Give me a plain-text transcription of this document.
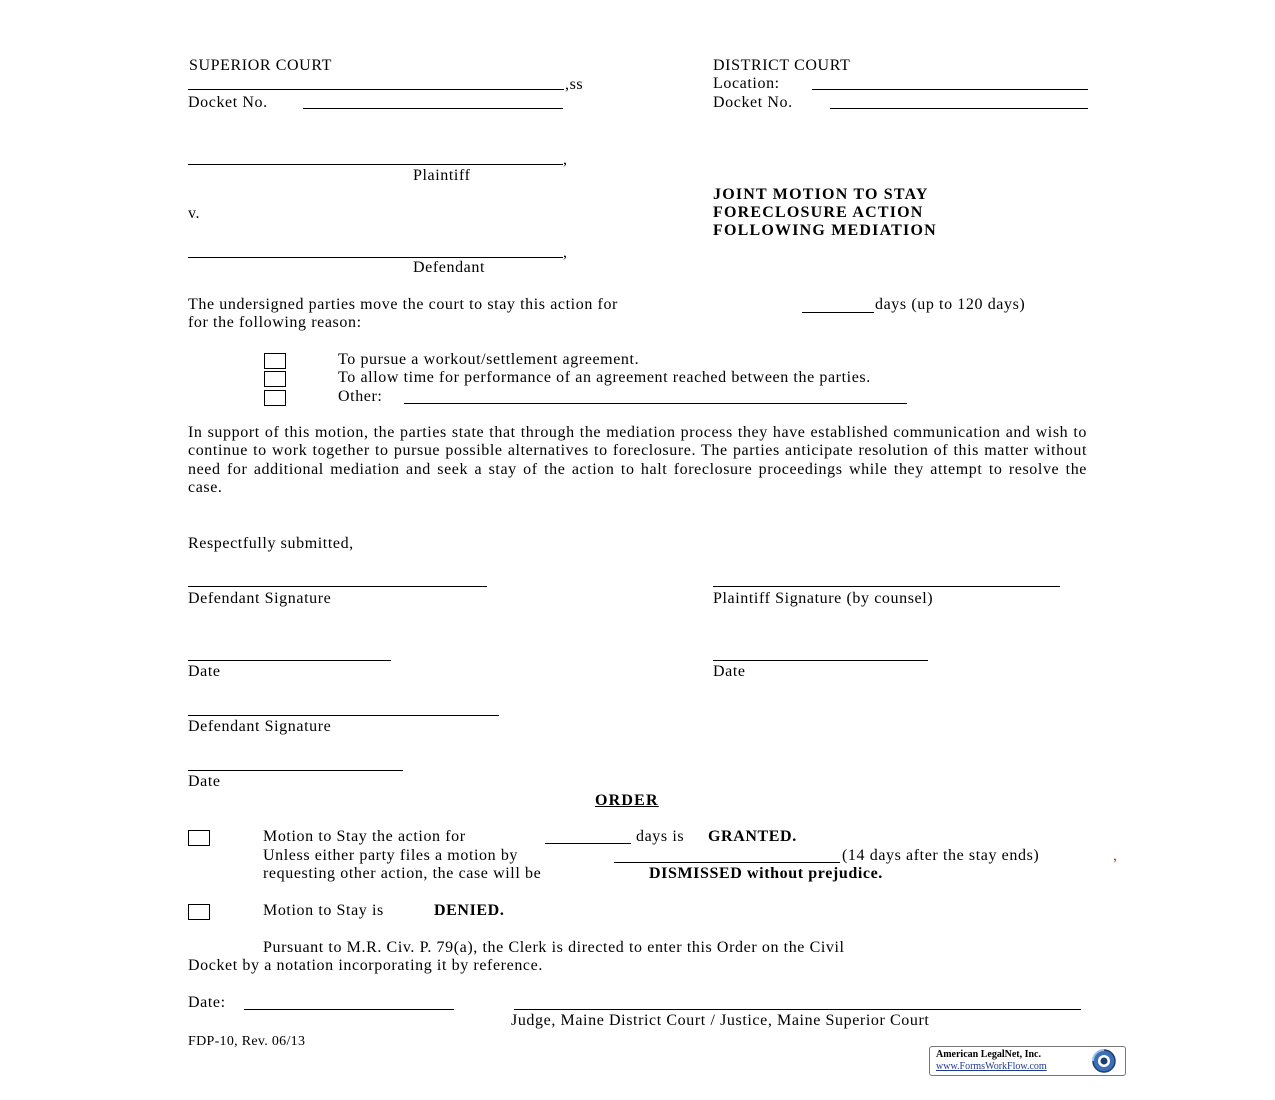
SUPERIOR COURT
,ss
Docket No.
DISTRICT COURT
Location:
Docket No.
,
Plaintiff
v.
,
Defendant
JOINT MOTION TO STAY
FORECLOSURE ACTION
FOLLOWING MEDIATION
The undersigned parties move the court to stay this action for	days (up to 120 days)
for the following reason:
To pursue a workout/settlement agreement.
To allow time for performance of an agreement reached between the parties.
Other:
In support of this motion, the parties state that through the mediation process they have established communication and wish to continue to work together to pursue possible alternatives to foreclosure. The parties anticipate resolution of this matter without need for additional mediation and seek a stay of the action to halt foreclosure proceedings while they attempt to resolve the case.
Respectfully submitted,
Defendant Signature	Plaintiff Signature (by counsel)
Date	Date
Defendant Signature
Date
ORDER
Motion to Stay the action for	days is GRANTED.
Unless either party files a motion by	(14 days after the stay ends)	,
requesting other action, the case will be	DISMISSED without prejudice.
Motion to Stay is	DENIED.
Pursuant to M.R. Civ. P. 79(a), the Clerk is directed to enter this Order on the Civil
Docket by a notation incorporating it by reference.
Date:
Judge, Maine District Court / Justice, Maine Superior Court
FDP-10, Rev. 06/13
American LegalNet, Inc.
www.FormsWorkFlow.com
